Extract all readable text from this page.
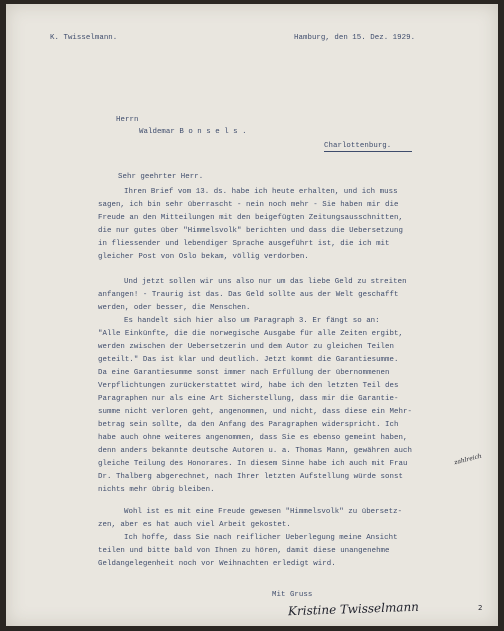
K. Twisselmann.	Hamburg, den 15. Dez. 1929.
Herrn
Waldemar B o n s e l s .
Charlottenburg.
Sehr geehrter Herr.
Ihren Brief vom 13. ds. habe ich heute erhalten, und ich muss
sagen, ich bin sehr überrascht - nein noch mehr - Sie haben mir die
Freude an den Mitteilungen mit den beigefügten Zeitungsausschnitten,
die nur gutes über "Himmelsvolk" berichten und dass die Uebersetzung
in fliessender und lebendiger Sprache ausgeführt ist, die ich mit
gleicher Post von Oslo bekam, völlig verdorben.
Und jetzt sollen wir uns also nur um das liebe Geld zu streiten
anfangen! - Traurig ist das. Das Geld sollte aus der Welt geschafft
werden, oder besser, die Menschen.
Es handelt sich hier also um Paragraph 3. Er fängt so an:
"Alle Einkünfte, die die norwegische Ausgabe für alle Zeiten ergibt,
werden zwischen der Uebersetzerin und dem Autor zu gleichen Teilen
geteilt." Das ist klar und deutlich. Jetzt kommt die Garantiesumme.
Da eine Garantiesumme sonst immer nach Erfüllung der übernommenen
Verpflichtungen zurückerstattet wird, habe ich den letzten Teil des
Paragraphen nur als eine Art Sicherstellung, dass mir die Garantie-
summe nicht verloren geht, angenommen, und nicht, dass diese ein Mehr-
betrag sein sollte, da den Anfang des Paragraphen widerspricht. Ich
habe auch ohne weiteres angenommen, dass Sie es ebenso gemeint haben,
denn anders bekannte deutsche Autoren u. a. Thomas Mann, gewähren auch
gleiche Teilung des Honorares. In diesem Sinne habe ich auch mit Frau
Dr. Thalberg abgerechnet, nach Ihrer letzten Aufstellung würde sonst
nichts mehr übrig bleiben.
Wohl ist es mit eine Freude gewesen "Himmelsvolk" zu übersetz-
zen, aber es hat auch viel Arbeit gekostet.
Ich hoffe, dass Sie nach reiflicher Ueberlegung meine Ansicht
teilen und bitte bald von Ihnen zu hören, damit diese unangenehme
Geldangelegenheit noch vor Weihnachten erledigt wird.
Mit Gruss
Kristine Twisselmann
zahlreich
2
